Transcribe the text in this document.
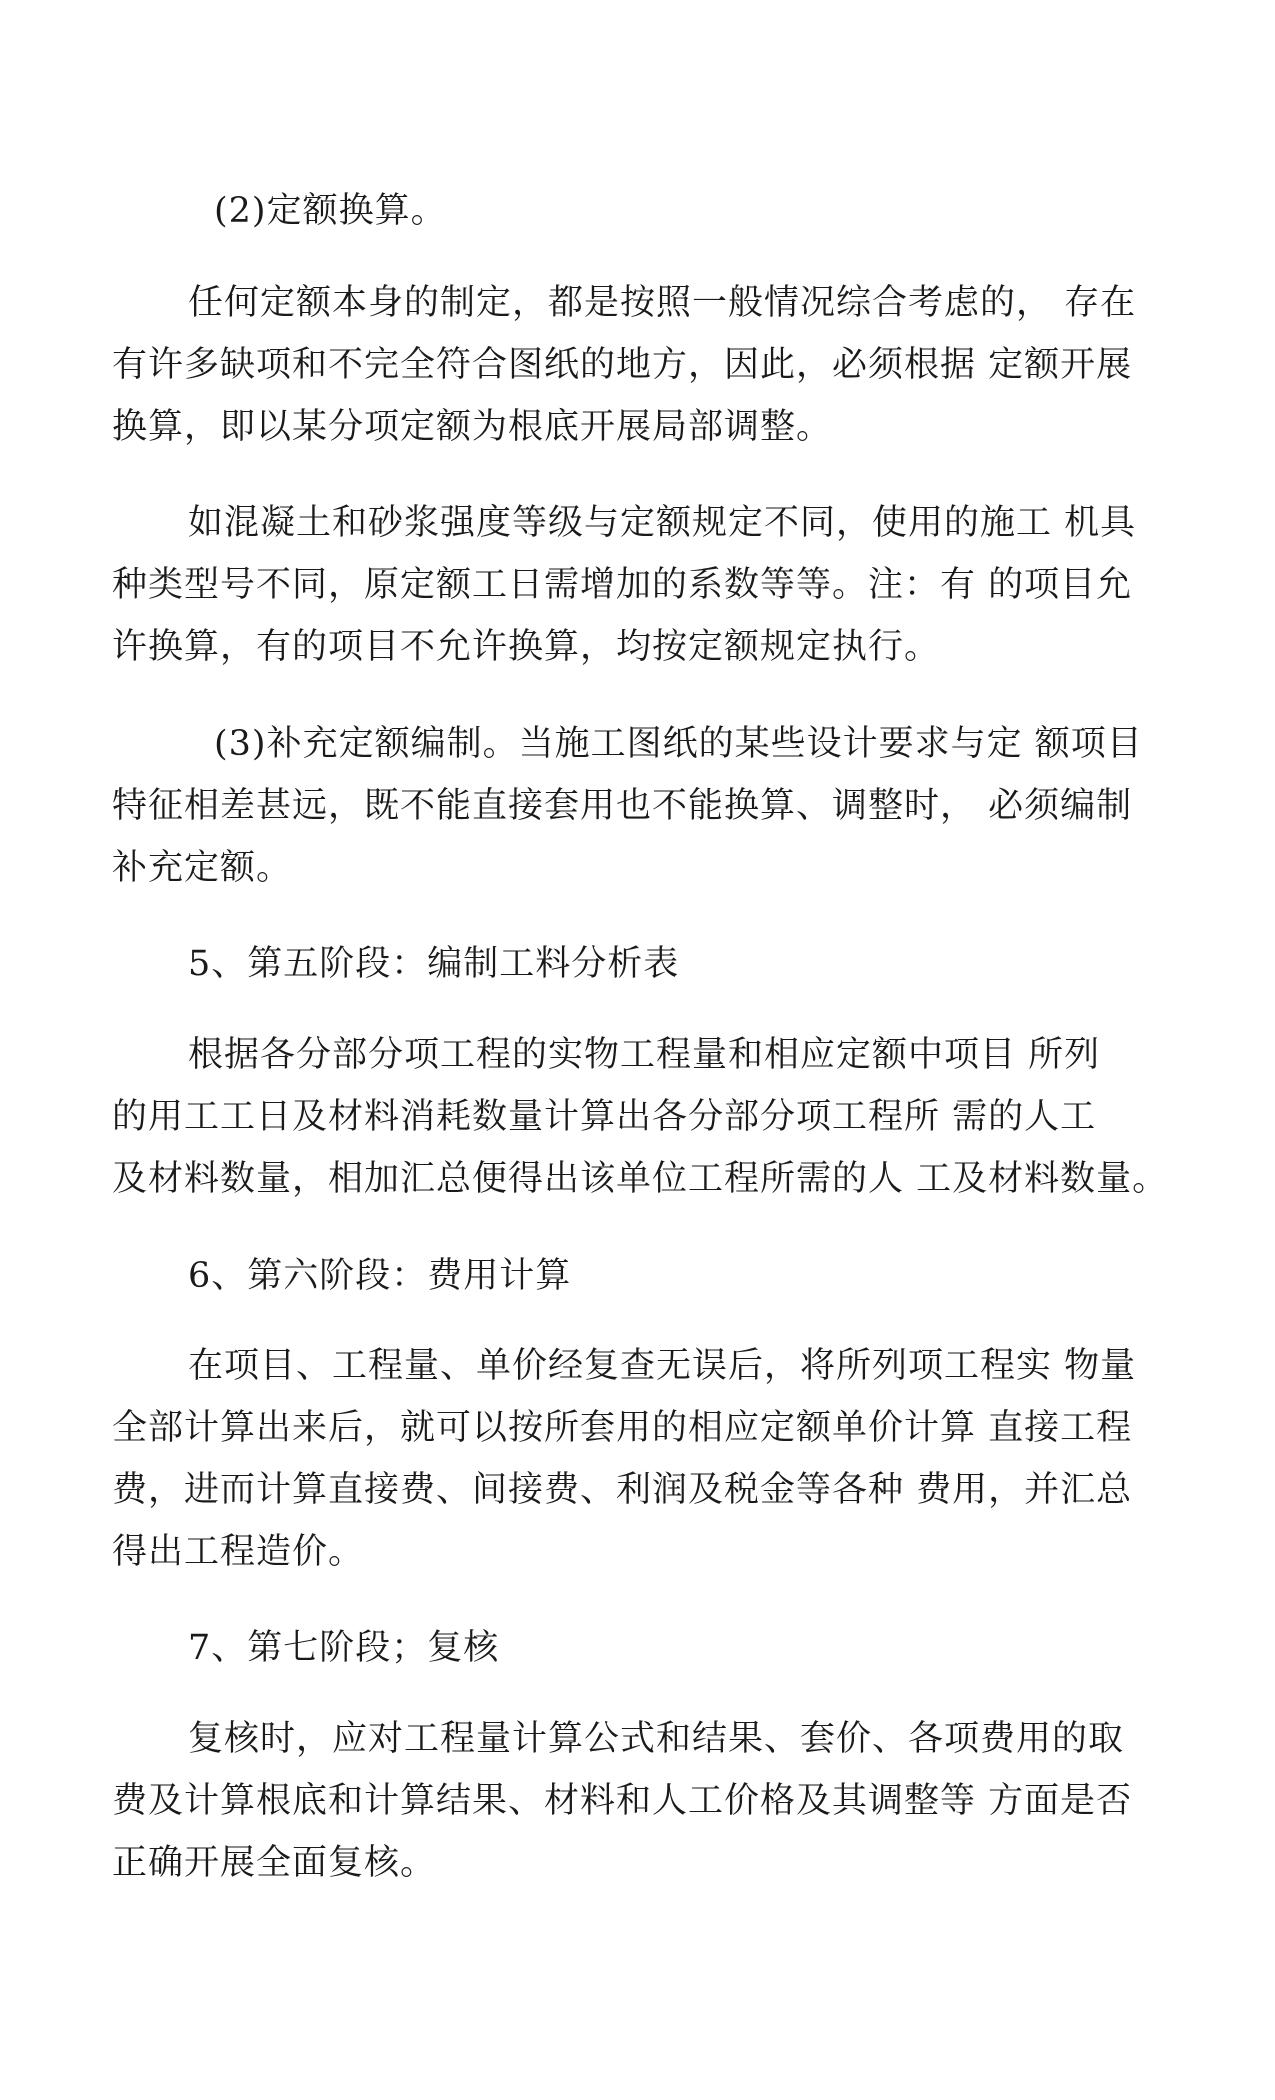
(2)定额换算。

任何定额本身的制定，都是按照一般情况综合考虑的， 存在
有许多缺项和不完全符合图纸的地方，因此，必须根据 定额开展
换算，即以某分项定额为根底开展局部调整。

如混凝土和砂浆强度等级与定额规定不同，使用的施工 机具
种类型号不同，原定额工日需增加的系数等等。注：有 的项目允
许换算，有的项目不允许换算，均按定额规定执行。

(3)补充定额编制。当施工图纸的某些设计要求与定 额项目
特征相差甚远，既不能直接套用也不能换算、调整时， 必须编制
补充定额。

5、第五阶段：编制工料分析表

根据各分部分项工程的实物工程量和相应定额中项目 所列
的用工工日及材料消耗数量计算出各分部分项工程所 需的人工
及材料数量，相加汇总便得出该单位工程所需的人 工及材料数量。

6、第六阶段：费用计算

在项目、工程量、单价经复查无误后，将所列项工程实 物量
全部计算出来后，就可以按所套用的相应定额单价计算 直接工程
费，进而计算直接费、间接费、利润及税金等各种 费用，并汇总
得出工程造价。

7、第七阶段；复核

复核时，应对工程量计算公式和结果、套价、各项费用的取
费及计算根底和计算结果、材料和人工价格及其调整等 方面是否
正确开展全面复核。
